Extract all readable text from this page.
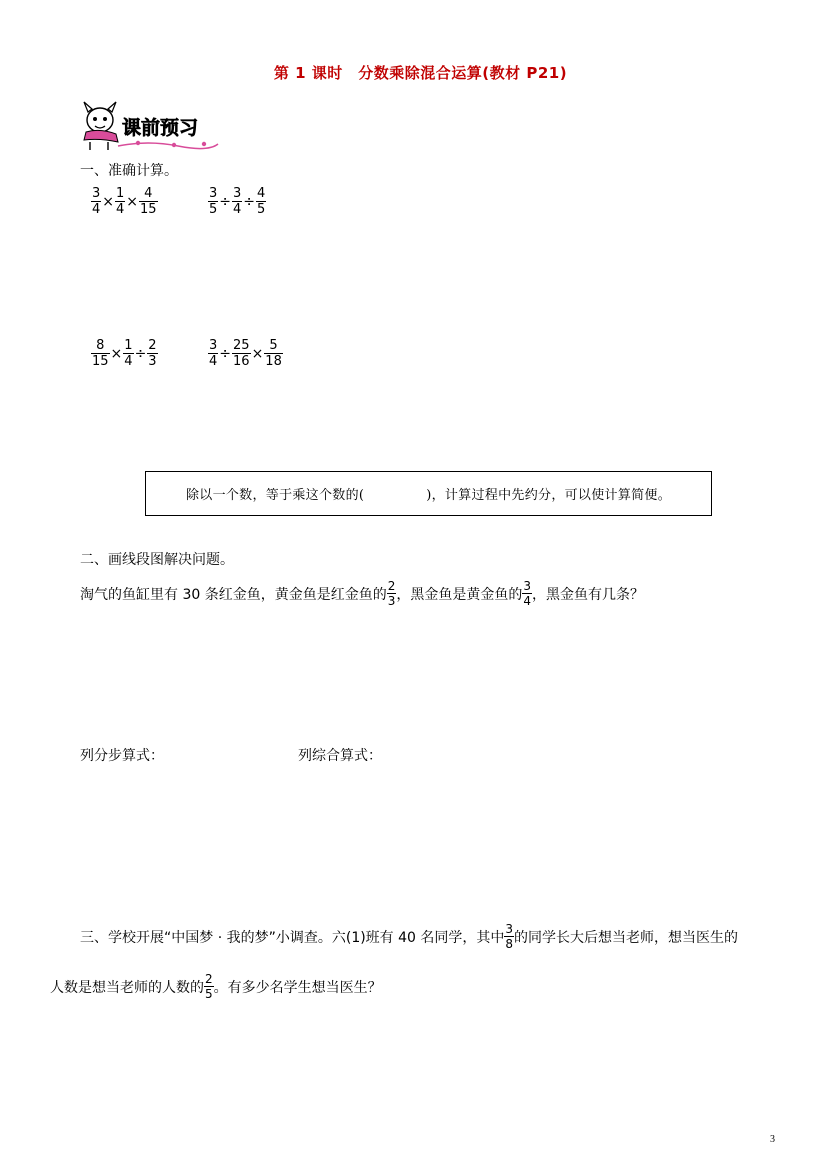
第 1 课时　分数乘除混合运算(教材 P21)
课前预习
一、准确计算。
$\frac{3}{4} \times \frac{1}{4} \times \frac{4}{15}$	$\frac{3}{5} \div \frac{3}{4} \div \frac{4}{5}$
$\frac{8}{15} \times \frac{1}{4} \div \frac{2}{3}$	$\frac{3}{4} \div \frac{25}{16} \times \frac{5}{18}$
除以一个数，等于乘这个数的(	)，计算过程中先约分，可以使计算简便。
二、画线段图解决问题。
淘气的鱼缸里有 30 条红金鱼，黄金鱼是红金鱼的 $\frac{2}{3}$ ，黑金鱼是黄金鱼的 $\frac{3}{4}$ ，黑金鱼有几条？
列分步算式：	列综合算式：
三、学校开展“中国梦 · 我的梦”小调查。六(1)班有 40 名同学，其中 $\frac{3}{8}$ 的同学长大后想当老师，想当医生的
人数是想当老师的人数的 $\frac{2}{5}$ 。有多少名学生想当医生？
3
